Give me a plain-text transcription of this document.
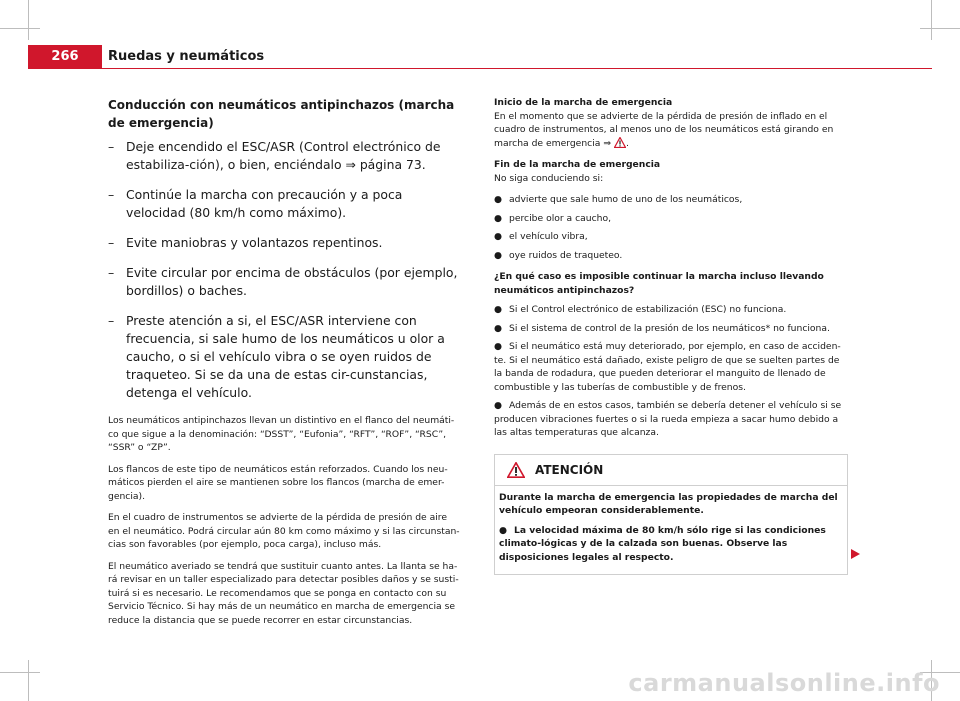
266	Ruedas y neumáticos
Conducción con neumáticos antipinchazos (marcha de emergencia)
– Deje encendido el ESC/ASR (Control electrónico de estabiliza-ción), o bien, enciéndalo ⇒ página 73.
– Continúe la marcha con precaución y a poca velocidad (80 km/h como máximo).
– Evite maniobras y volantazos repentinos.
– Evite circular por encima de obstáculos (por ejemplo, bordillos) o baches.
– Preste atención a si, el ESC/ASR interviene con frecuencia, si sale humo de los neumáticos u olor a caucho, o si el vehículo vibra o se oyen ruidos de traqueteo. Si se da una de estas cir-cunstancias, detenga el vehículo.

Los neumáticos antipinchazos llevan un distintivo en el flanco del neumáti-co que sigue a la denominación: “DSST”, “Eufonia”, “RFT”, “ROF”, “RSC”, “SSR” o “ZP”.

Los flancos de este tipo de neumáticos están reforzados. Cuando los neu-máticos pierden el aire se mantienen sobre los flancos (marcha de emer-gencia).

En el cuadro de instrumentos se advierte de la pérdida de presión de aire en el neumático. Podrá circular aún 80 km como máximo y si las circunstan-cias son favorables (por ejemplo, poca carga), incluso más.

El neumático averiado se tendrá que sustituir cuanto antes. La llanta se ha-rá revisar en un taller especializado para detectar posibles daños y se susti-tuirá si es necesario. Le recomendamos que se ponga en contacto con su Servicio Técnico. Si hay más de un neumático en marcha de emergencia se reduce la distancia que se puede recorrer en estar circunstancias.

Inicio de la marcha de emergencia

En el momento que se advierte de la pérdida de presión de inflado en el cuadro de instrumentos, al menos uno de los neumáticos está girando en marcha de emergencia ⇒ .

Fin de la marcha de emergencia

No siga conduciendo si:

● advierte que sale humo de uno de los neumáticos,
● percibe olor a caucho,
● el vehículo vibra,
● oye ruidos de traqueteo.

¿En qué caso es imposible continuar la marcha incluso llevando neumáticos antipinchazos?

● Si el Control electrónico de estabilización (ESC) no funciona.

● Si el sistema de control de la presión de los neumáticos* no funciona.

● Si el neumático está muy deteriorado, por ejemplo, en caso de acciden-te. Si el neumático está dañado, existe peligro de que se suelten partes de la banda de rodadura, que pueden deteriorar el manguito de llenado de combustible y las tuberías de combustible y de frenos.

● Además de en estos casos, también se debería detener el vehículo si se producen vibraciones fuertes o si la rueda empieza a sacar humo debido a las altas temperaturas que alcanza.

ATENCIÓN

Durante la marcha de emergencia las propiedades de marcha del vehículo empeoran considerablemente.

● La velocidad máxima de 80 km/h sólo rige si las condiciones climato-lógicas y de la calzada son buenas. Observe las disposiciones legales al respecto.

carmanualsonline.info
